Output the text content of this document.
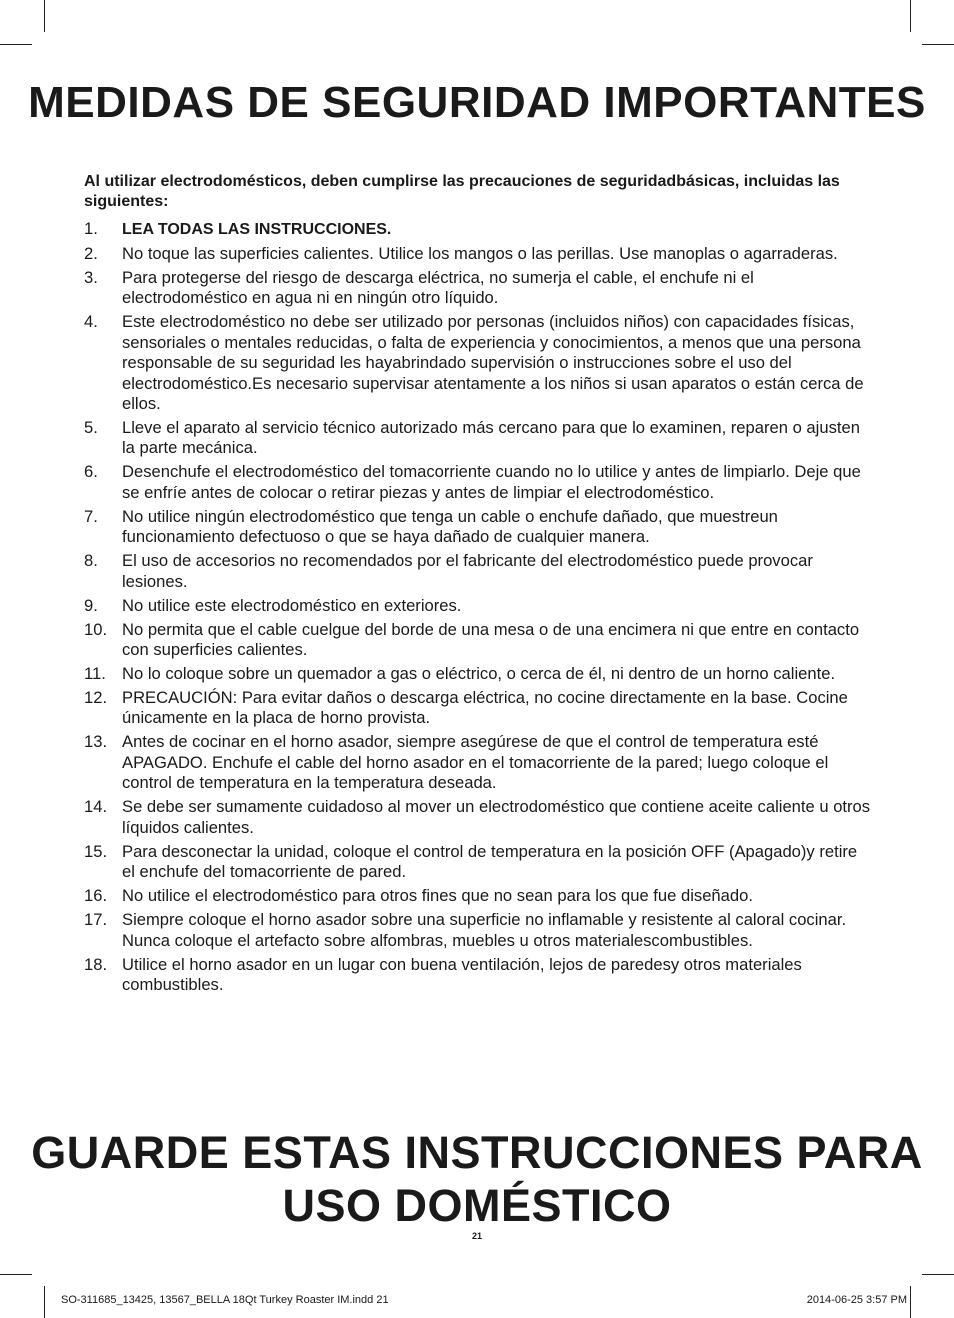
MEDIDAS DE SEGURIDAD IMPORTANTES

Al utilizar electrodomésticos, deben cumplirse las precauciones de seguridadbásicas, incluidas las siguientes:

1. LEA TODAS LAS INSTRUCCIONES.
2. No toque las superficies calientes. Utilice los mangos o las perillas. Use manoplas o agarraderas.
3. Para protegerse del riesgo de descarga eléctrica, no sumerja el cable, el enchufe ni el electrodoméstico en agua ni en ningún otro líquido.
4. Este electrodoméstico no debe ser utilizado por personas (incluidos niños) con capacidades físicas, sensoriales o mentales reducidas, o falta de experiencia y conocimientos, a menos que una persona responsable de su seguridad les hayabrindado supervisión o instrucciones sobre el uso del electrodoméstico.Es necesario supervisar atentamente a los niños si usan aparatos o están cerca de ellos.
5. Lleve el aparato al servicio técnico autorizado más cercano para que lo examinen, reparen o ajusten la parte mecánica.
6. Desenchufe el electrodoméstico del tomacorriente cuando no lo utilice y antes de limpiarlo. Deje que se enfríe antes de colocar o retirar piezas y antes de limpiar el electrodoméstico.
7. No utilice ningún electrodoméstico que tenga un cable o enchufe dañado, que muestreun funcionamiento defectuoso o que se haya dañado de cualquier manera.
8. El uso de accesorios no recomendados por el fabricante del electrodoméstico puede provocar lesiones.
9. No utilice este electrodoméstico en exteriores.
10. No permita que el cable cuelgue del borde de una mesa o de una encimera ni que entre en contacto con superficies calientes.
11. No lo coloque sobre un quemador a gas o eléctrico, o cerca de él, ni dentro de un horno caliente.
12. PRECAUCIÓN: Para evitar daños o descarga eléctrica, no cocine directamente en la base. Cocine únicamente en la placa de horno provista.
13. Antes de cocinar en el horno asador, siempre asegúrese de que el control de temperatura esté APAGADO. Enchufe el cable del horno asador en el tomacorriente de la pared; luego coloque el control de temperatura en la temperatura deseada.
14. Se debe ser sumamente cuidadoso al mover un electrodoméstico que contiene aceite caliente u otros líquidos calientes.
15. Para desconectar la unidad, coloque el control de temperatura en la posición OFF (Apagado)y retire el enchufe del tomacorriente de pared.
16. No utilice el electrodoméstico para otros fines que no sean para los que fue diseñado.
17. Siempre coloque el horno asador sobre una superficie no inflamable y resistente al caloral cocinar. Nunca coloque el artefacto sobre alfombras, muebles u otros materialescombustibles.
18. Utilice el horno asador en un lugar con buena ventilación, lejos de paredesy otros materiales combustibles.
GUARDE ESTAS INSTRUCCIONES PARA USO DOMÉSTICO
21
SO-311685_13425, 13567_BELLA 18Qt Turkey Roaster IM.indd 21	2014-06-25 3:57 PM
